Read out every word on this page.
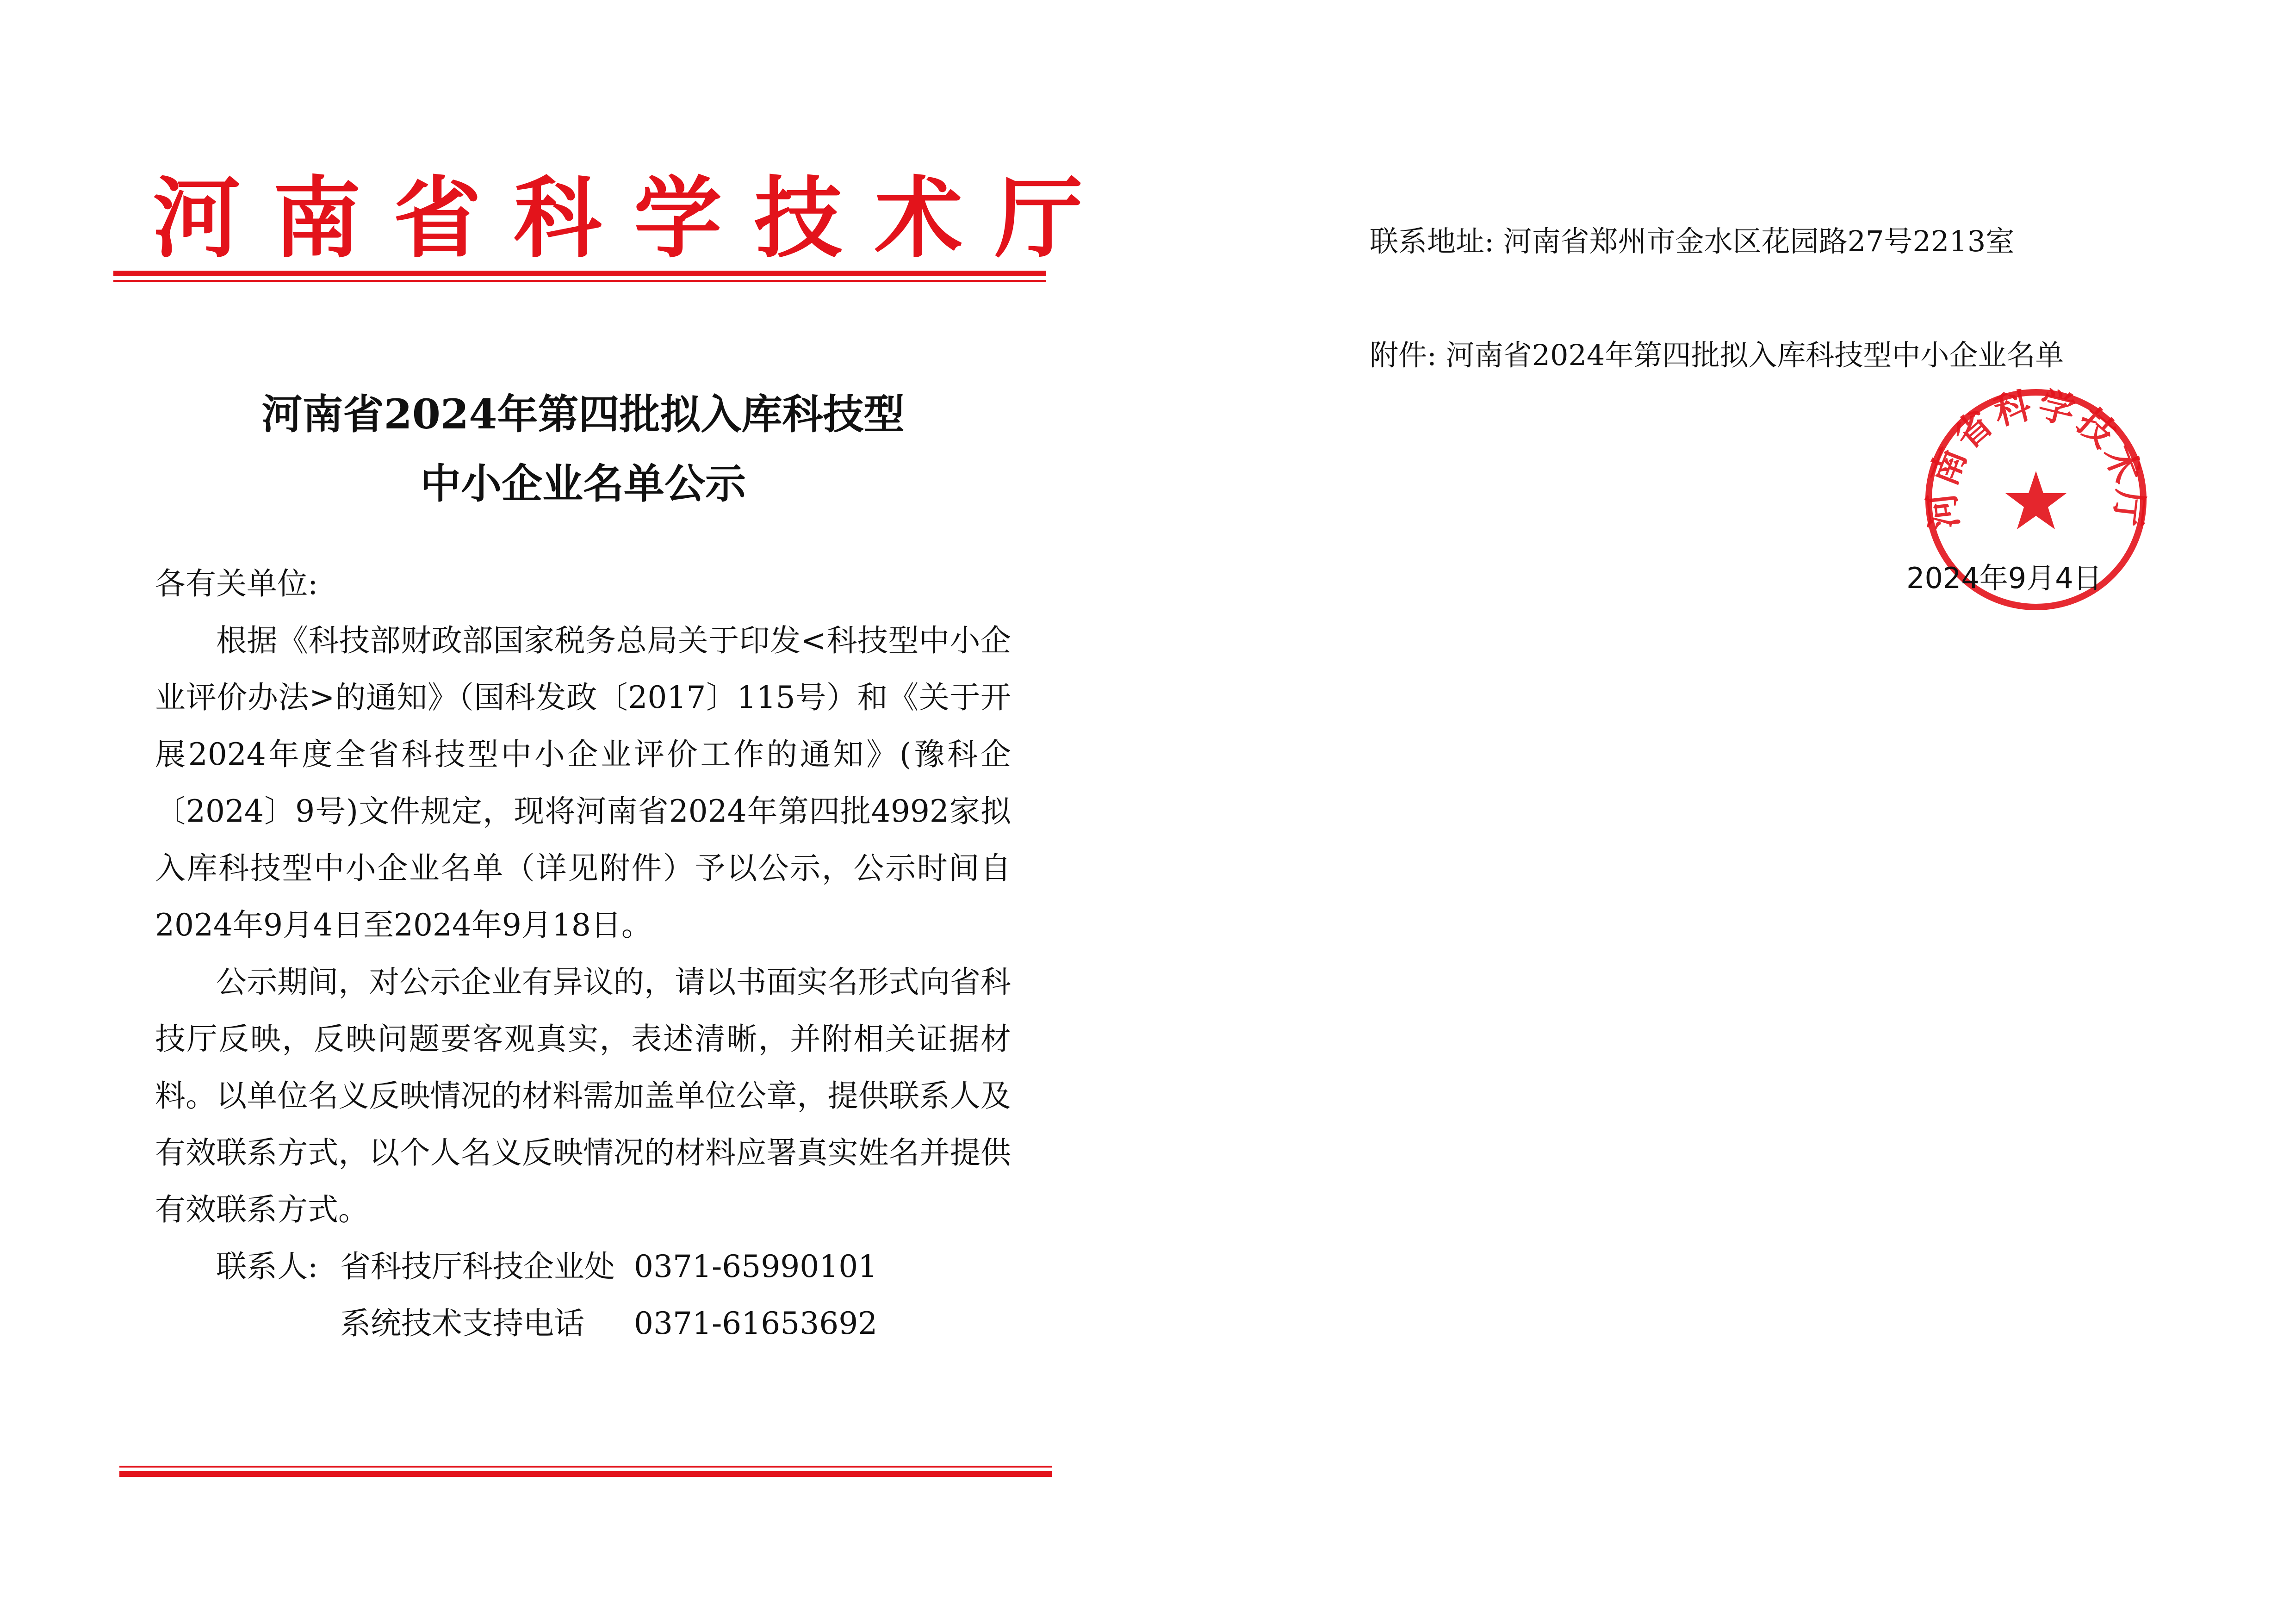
河南省科学技术厅
河南省2024年第四批拟入库科技型
中小企业名单公示
各有关单位:

根据《科技部财政部国家税务总局关于印发<科技型中小企业评价办法>的通知》（国科发政〔2017〕115号）和《关于开展2024年度全省科技型中小企业评价工作的通知》(豫科企〔2024〕9号)文件规定，现将河南省2024年第四批4992家拟入库科技型中小企业名单（详见附件）予以公示，公示时间自2024年9月4日至2024年9月18日。

公示期间，对公示企业有异议的，请以书面实名形式向省科技厅反映，反映问题要客观真实，表述清晰，并附相关证据材料。以单位名义反映情况的材料需加盖单位公章，提供联系人及有效联系方式，以个人名义反映情况的材料应署真实姓名并提供有效联系方式。

联系人: 省科技厅科技企业处 0371-65990101
系统技术支持电话 0371-61653692
联系地址: 河南省郑州市金水区花园路27号2213室
附件: 河南省2024年第四批拟入库科技型中小企业名单
河南省科学技术厅
2024年9月4日
